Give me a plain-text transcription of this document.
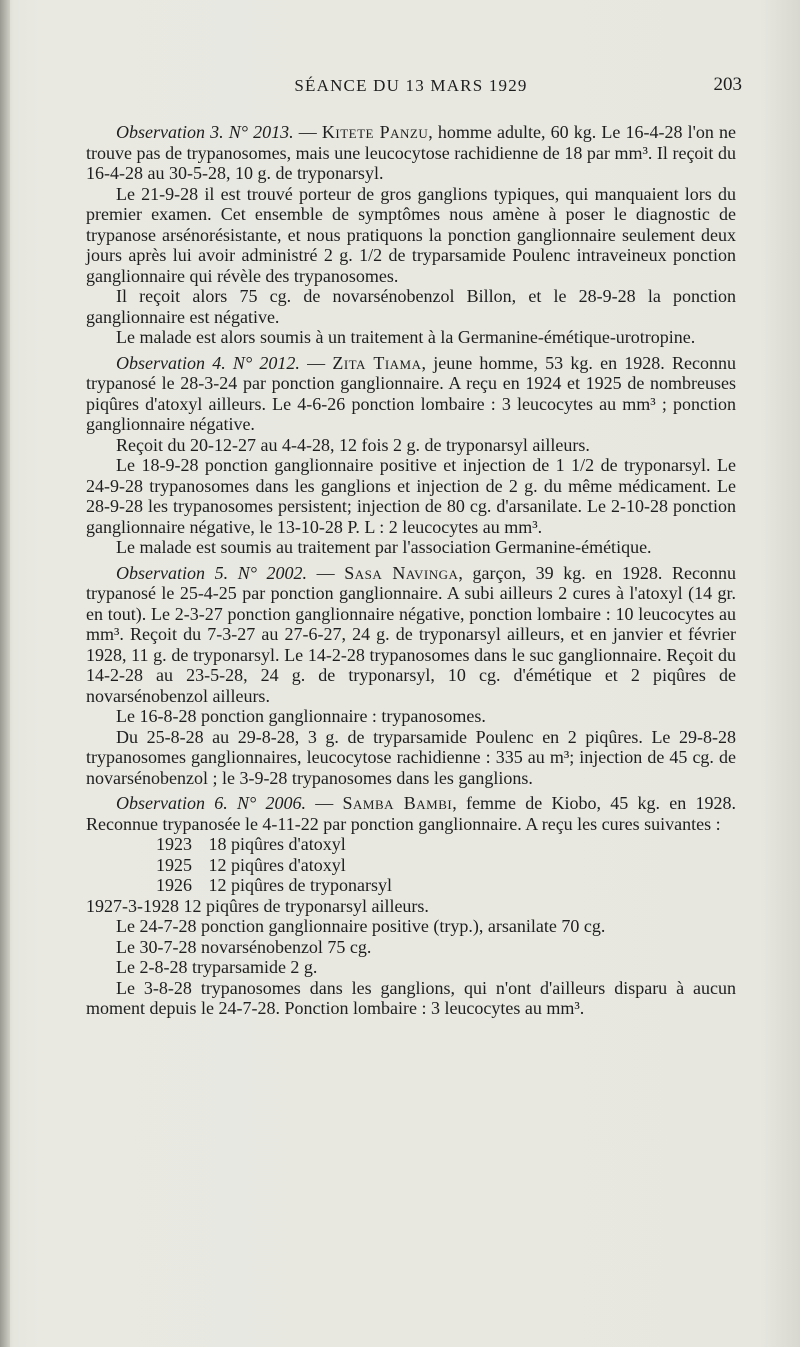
SÉANCE DU 13 MARS 1929	203

Observation 3. N° 2013. — Kitete Panzu, homme adulte, 60 kg. Le 16-4-28 l'on ne trouve pas de trypanosomes, mais une leucocytose rachidienne de 18 par mm³. Il reçoit du 16-4-28 au 30-5-28, 10 g. de tryponarsyl.

Le 21-9-28 il est trouvé porteur de gros ganglions typiques, qui manquaient lors du premier examen. Cet ensemble de symptômes nous amène à poser le diagnostic de trypanose arsénorésistante, et nous pratiquons la ponction ganglionnaire seulement deux jours après lui avoir administré 2 g. 1/2 de tryparsamide Poulenc intraveineux ponction ganglionnaire qui révèle des trypanosomes.

Il reçoit alors 75 cg. de novarsénobenzol Billon, et le 28-9-28 la ponction ganglionnaire est négative.

Le malade est alors soumis à un traitement à la Germanine-émétique-urotropine.

Observation 4. N° 2012. — Zita Tiama, jeune homme, 53 kg. en 1928. Reconnu trypanosé le 28-3-24 par ponction ganglionnaire. A reçu en 1924 et 1925 de nombreuses piqûres d'atoxyl ailleurs. Le 4-6-26 ponction lombaire : 3 leucocytes au mm³ ; ponction ganglionnaire négative.

Reçoit du 20-12-27 au 4-4-28, 12 fois 2 g. de tryponarsyl ailleurs.

Le 18-9-28 ponction ganglionnaire positive et injection de 1 1/2 de tryponarsyl. Le 24-9-28 trypanosomes dans les ganglions et injection de 2 g. du même médicament. Le 28-9-28 les trypanosomes persistent; injection de 80 cg. d'arsanilate. Le 2-10-28 ponction ganglionnaire négative, le 13-10-28 P. L : 2 leucocytes au mm³.

Le malade est soumis au traitement par l'association Germanine-émétique.

Observation 5. N° 2002. — Sasa Navinga, garçon, 39 kg. en 1928. Reconnu trypanosé le 25-4-25 par ponction ganglionnaire. A subi ailleurs 2 cures à l'atoxyl (14 gr. en tout). Le 2-3-27 ponction ganglionnaire négative, ponction lombaire : 10 leucocytes au mm³. Reçoit du 7-3-27 au 27-6-27, 24 g. de tryponarsyl ailleurs, et en janvier et février 1928, 11 g. de tryponarsyl. Le 14-2-28 trypanosomes dans le suc ganglionnaire. Reçoit du 14-2-28 au 23-5-28, 24 g. de tryponarsyl, 10 cg. d'émétique et 2 piqûres de novarsénobenzol ailleurs.

Le 16-8-28 ponction ganglionnaire : trypanosomes.

Du 25-8-28 au 29-8-28, 3 g. de tryparsamide Poulenc en 2 piqûres. Le 29-8-28 trypanosomes ganglionnaires, leucocytose rachidienne : 335 au m³; injection de 45 cg. de novarsénobenzol ; le 3-9-28 trypanosomes dans les ganglions.

Observation 6. N° 2006. — Samba Bambi, femme de Kiobo, 45 kg. en 1928. Reconnue trypanosée le 4-11-22 par ponction ganglionnaire. A reçu les cures suivantes :

1923 18 piqûres d'atoxyl
1925 12 piqûres d'atoxyl
1926 12 piqûres de tryponarsyl

1927-3-1928 12 piqûres de tryponarsyl ailleurs.

Le 24-7-28 ponction ganglionnaire positive (tryp.), arsanilate 70 cg.

Le 30-7-28 novarsénobenzol 75 cg.

Le 2-8-28 tryparsamide 2 g.

Le 3-8-28 trypanosomes dans les ganglions, qui n'ont d'ailleurs disparu à aucun moment depuis le 24-7-28. Ponction lombaire : 3 leucocytes au mm³.
